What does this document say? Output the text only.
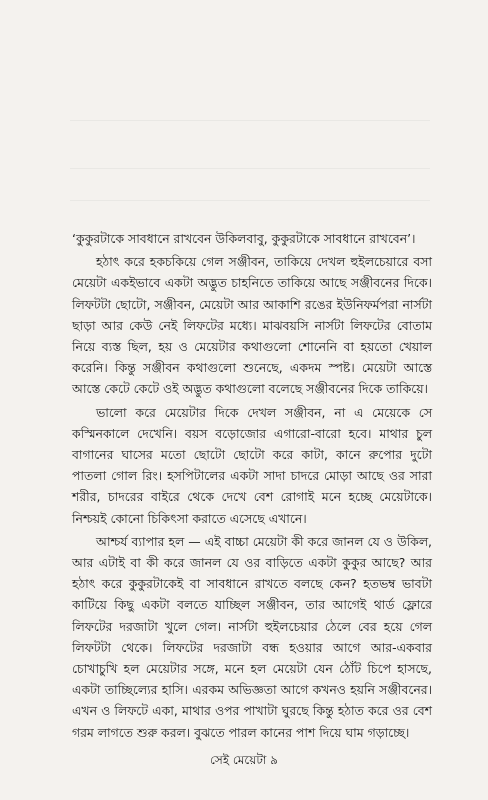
‘কুকুরটাকে সাবধানে রাখবেন উকিলবাবু, কুকুরটাকে সাবধানে রাখবেন’।

হঠাৎ করে হকচকিয়ে গেল সঞ্জীবন, তাকিয়ে দেখল হুইলচেয়ারে বসা মেয়েটা একইভাবে একটা অদ্ভুত চাহনিতে তাকিয়ে আছে সঞ্জীবনের দিকে। লিফটটা ছোটো, সঞ্জীবন, মেয়েটা আর আকাশি রঙের ইউনিফর্মপরা নার্সটা ছাড়া আর কেউ নেই লিফটের মধ্যে। মাঝবয়সি নার্সটা লিফটের বোতাম নিয়ে ব্যস্ত ছিল, হয় ও মেয়েটার কথাগুলো শোনেনি বা হয়তো খেয়াল করেনি। কিন্তু সঞ্জীবন কথাগুলো শুনেছে, একদম স্পষ্ট। মেয়েটা আস্তে আস্তে কেটে কেটে ওই অদ্ভুত কথাগুলো বলেছে সঞ্জীবনের দিকে তাকিয়ে।

ভালো করে মেয়েটার দিকে দেখল সঞ্জীবন, না এ মেয়েকে সে কস্মিনকালে দেখেনি। বয়স বড়োজোর এগারো-বারো হবে। মাথার চুল বাগানের ঘাসের মতো ছোটো ছোটো করে কাটা, কানে রুপোর দুটো পাতলা গোল রিং। হসপিটালের একটা সাদা চাদরে মোড়া আছে ওর সারা শরীর, চাদরের বাইরে থেকে দেখে বেশ রোগাই মনে হচ্ছে মেয়েটাকে। নিশ্চয়ই কোনো চিকিৎসা করাতে এসেছে এখানে।

আশ্চর্য ব্যাপার হল — এই বাচ্চা মেয়েটা কী করে জানল যে ও উকিল, আর এটাই বা কী করে জানল যে ওর বাড়িতে একটা কুকুর আছে? আর হঠাৎ করে কুকুরটাকেই বা সাবধানে রাখতে বলছে কেন? হতভম্ব ভাবটা কাটিয়ে কিছু একটা বলতে যাচ্ছিল সঞ্জীবন, তার আগেই থার্ড ফ্লোরে লিফটের দরজাটা খুলে গেল। নার্সটা হুইলচেয়ার ঠেলে বের হয়ে গেল লিফটটা থেকে। লিফটের দরজাটা বন্ধ হওয়ার আগে আর-একবার চোখাচুখি হল মেয়েটার সঙ্গে, মনে হল মেয়েটা যেন ঠোঁট চিপে হাসছে, একটা তাচ্ছিল্যের হাসি। এরকম অভিজ্ঞতা আগে কখনও হয়নি সঞ্জীবনের। এখন ও লিফটে একা, মাথার ওপর পাখাটা ঘুরছে কিন্তু হঠাত করে ওর বেশ গরম লাগতে শুরু করল। বুঝতে পারল কানের পাশ দিয়ে ঘাম গড়াচ্ছে।

সেই মেয়েটা ৯
